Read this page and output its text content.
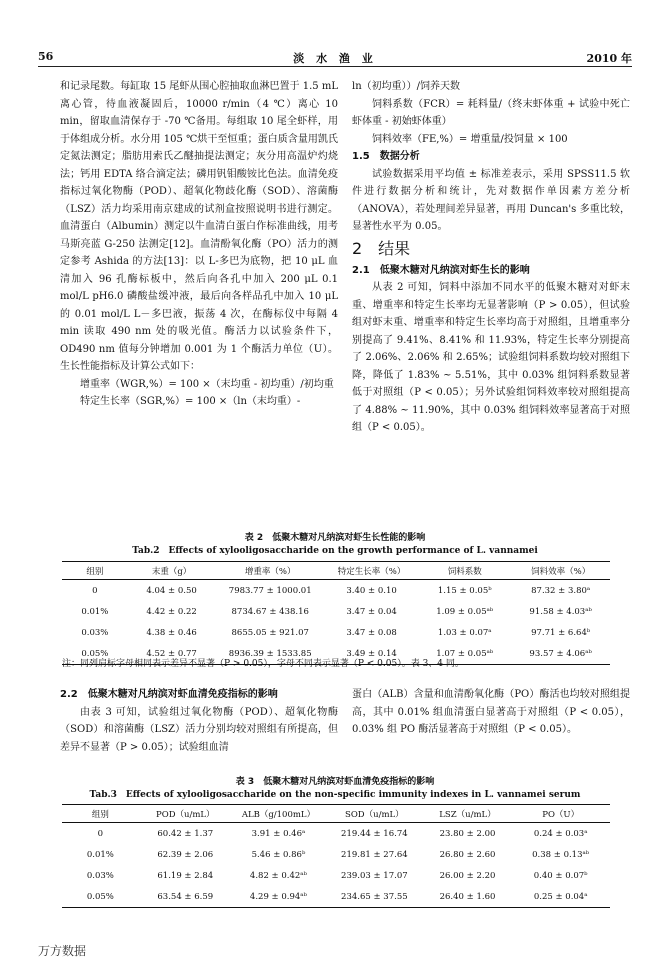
56	淡 水 渔 业	2010 年

和记录尾数。每缸取 15 尾虾从围心腔抽取血淋巴置于 1.5 mL 离心管，待血液凝固后，10000 r/min（4 ℃）离心 10 min，留取血清保存于 -70 ℃备用。每组取 10 尾全虾样，用于体组成分析。水分用 105 ℃烘干至恒重；蛋白质含量用凯氏定氮法测定；脂肪用索氏乙醚抽提法测定；灰分用高温炉灼烧法；钙用 EDTA 络合滴定法；磷用钒钼酸铵比色法。血清免疫指标过氧化物酶（POD）、超氧化物歧化酶（SOD）、溶菌酶（LSZ）活力均采用南京建成的试剂盒按照说明书进行测定。血清蛋白（Albumin）测定以牛血清白蛋白作标准曲线，用考马斯亮蓝 G-250 法测定[12]。血清酚氧化酶（PO）活力的测定参考 Ashida 的方法[13]：以 L-多巴为底物，把 10 μL 血清加入 96 孔酶标板中，然后向各孔中加入 200 μL 0.1 mol/L pH6.0 磷酸盐缓冲液，最后向各样品孔中加入 10 μL 的 0.01 mol/L L－多巴液，振荡 4 次，在酶标仪中每隔 4 min 读取 490 nm 处的吸光值。酶活力以试验条件下，OD490 nm 值每分钟增加 0.001 为 1 个酶活力单位（U）。生长性能指标及计算公式如下：

增重率（WGR,%）= 100 ×（末均重 - 初均重）/初均重

特定生长率（SGR,%）= 100 ×（ln（末均重）-

ln（初均重））/饲养天数

饲料系数（FCR）= 耗料量/（终末虾体重 + 试验中死亡虾体重 - 初始虾体重）

饲料效率（FE,%）= 增重量/投饲量 × 100

1.5　数据分析

试验数据采用平均值 ± 标准差表示，采用 SPSS11.5 软件进行数据分析和统计，先对数据作单因素方差分析（ANOVA），若处理间差异显著，再用 Duncan's 多重比较，显著性水平为 0.05。

2　结果

2.1　低聚木糖对凡纳滨对虾生长的影响

从表 2 可知，饲料中添加不同水平的低聚木糖对对虾末重、增重率和特定生长率均无显著影响（P > 0.05），但试验组对虾末重、增重率和特定生长率均高于对照组，且增重率分别提高了 9.41%、8.41% 和 11.93%，特定生长率分别提高了 2.06%、2.06% 和 2.65%；试验组饲料系数均较对照组下降，降低了 1.83% ~ 5.51%，其中 0.03% 组饲料系数显著低于对照组（P < 0.05）；另外试验组饲料效率较对照组提高了 4.88% ~ 11.90%，其中 0.03% 组饲料效率显著高于对照组（P < 0.05）。

表 2　低聚木糖对凡纳滨对虾生长性能的影响
Tab.2　Effects of xylooligosaccharide on the growth performance of L. vannamei
组别	末重（g）	增重率（%）	特定生长率（%）	饲料系数	饲料效率（%）
0	4.04 ± 0.50	7983.77 ± 1000.01	3.40 ± 0.10	1.15 ± 0.05ᵇ	87.32 ± 3.80ᵃ
0.01%	4.42 ± 0.22	8734.67 ± 438.16	3.47 ± 0.04	1.09 ± 0.05ᵃᵇ	91.58 ± 4.03ᵃᵇ
0.03%	4.38 ± 0.46	8655.05 ± 921.07	3.47 ± 0.08	1.03 ± 0.07ᵃ	97.71 ± 6.64ᵇ
0.05%	4.52 ± 0.77	8936.39 ± 1533.85	3.49 ± 0.14	1.07 ± 0.05ᵃᵇ	93.57 ± 4.06ᵃᵇ
注：同列肩标字母相同表示差异不显著（P > 0.05），字母不同表示显著（P < 0.05）。表 3、4 同。

2.2　低聚木糖对凡纳滨对虾血清免疫指标的影响

由表 3 可知，试验组过氧化物酶（POD）、超氧化物酶（SOD）和溶菌酶（LSZ）活力分别均较对照组有所提高，但差异不显著（P > 0.05）；试验组血清

蛋白（ALB）含量和血清酚氧化酶（PO）酶活也均较对照组提高，其中 0.01% 组血清蛋白显著高于对照组（P < 0.05），0.03% 组 PO 酶活显著高于对照组（P < 0.05）。

表 3　低聚木糖对凡纳滨对虾血清免疫指标的影响
Tab.3　Effects of xylooligosaccharide on the non-specific immunity indexes in L. vannamei serum
组别	POD（u/mL）	ALB（g/100mL）	SOD（u/mL）	LSZ（u/mL）	PO（U）
0	60.42 ± 1.37	3.91 ± 0.46ᵃ	219.44 ± 16.74	23.80 ± 2.00	0.24 ± 0.03ᵃ
0.01%	62.39 ± 2.06	5.46 ± 0.86ᵇ	219.81 ± 27.64	26.80 ± 2.60	0.38 ± 0.13ᵃᵇ
0.03%	61.19 ± 2.84	4.82 ± 0.42ᵃᵇ	239.03 ± 17.07	26.00 ± 2.20	0.40 ± 0.07ᵇ
0.05%	63.54 ± 6.59	4.29 ± 0.94ᵃᵇ	234.65 ± 37.55	26.40 ± 1.60	0.25 ± 0.04ᵃ
万方数据
